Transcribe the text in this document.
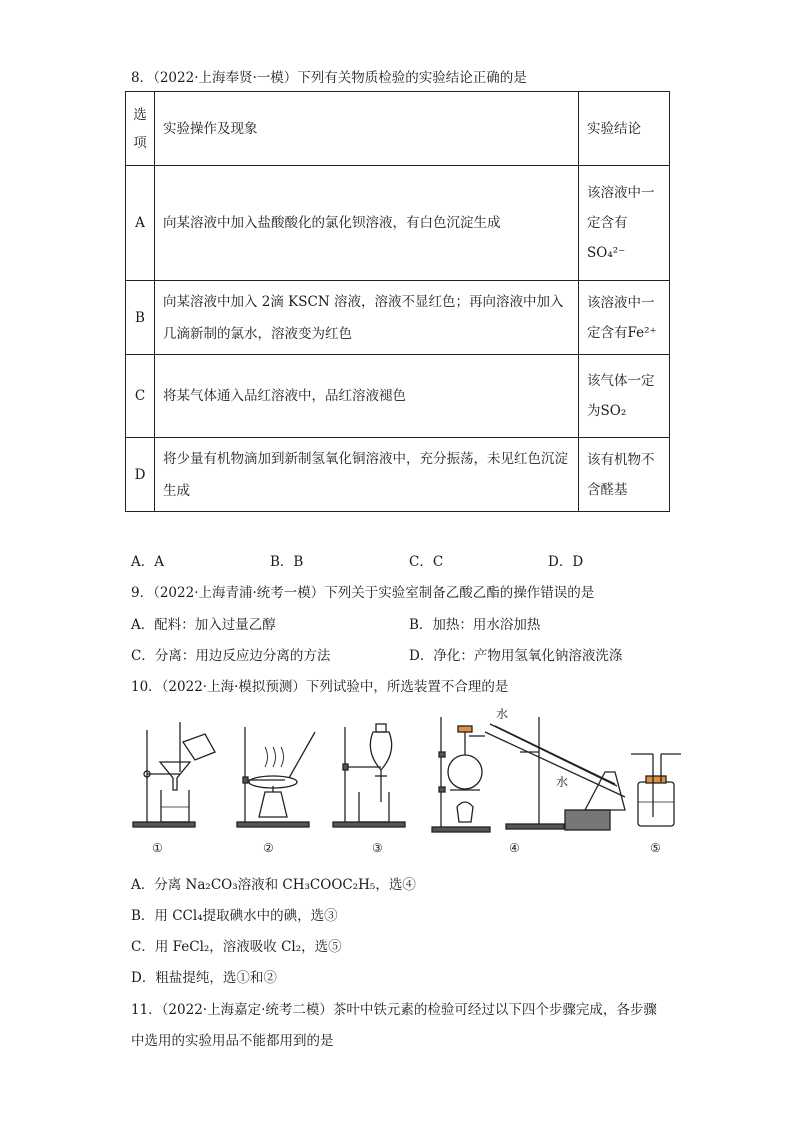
8．（2022·上海奉贤·一模）下列有关物质检验的实验结论正确的是
选项	实验操作及现象	实验结论
A	向某溶液中加入盐酸酸化的氯化钡溶液，有白色沉淀生成	该溶液中一定含有SO₄²⁻
B	向某溶液中加入 2滴 KSCN 溶液，溶液不显红色；再向溶液中加入几滴新制的氯水，溶液变为红色	该溶液中一定含有Fe²⁺
C	将某气体通入品红溶液中，品红溶液褪色	该气体一定为SO₂
D	将少量有机物滴加到新制氢氧化铜溶液中，充分振荡，未见红色沉淀生成	该有机物不含醛基
A．A	B．B	C．C	D．D
9．（2022·上海青浦·统考一模）下列关于实验室制备乙酸乙酯的操作错误的是
A．配料：加入过量乙醇	B．加热：用水浴加热
C．分离：用边反应边分离的方法	D．净化：产物用氢氧化钠溶液洗涤
10．（2022·上海·模拟预测）下列试验中，所选装置不合理的是
水
水
①	②	③	④	⑤
A．分离 Na₂CO₃溶液和 CH₃COOC₂H₅，选④
B．用 CCl₄提取碘水中的碘，选③
C．用 FeCl₂，溶液吸收 Cl₂，选⑤
D．粗盐提纯，选①和②
11．（2022·上海嘉定·统考二模）茶叶中铁元素的检验可经过以下四个步骤完成，各步骤
中选用的实验用品不能都用到的是
